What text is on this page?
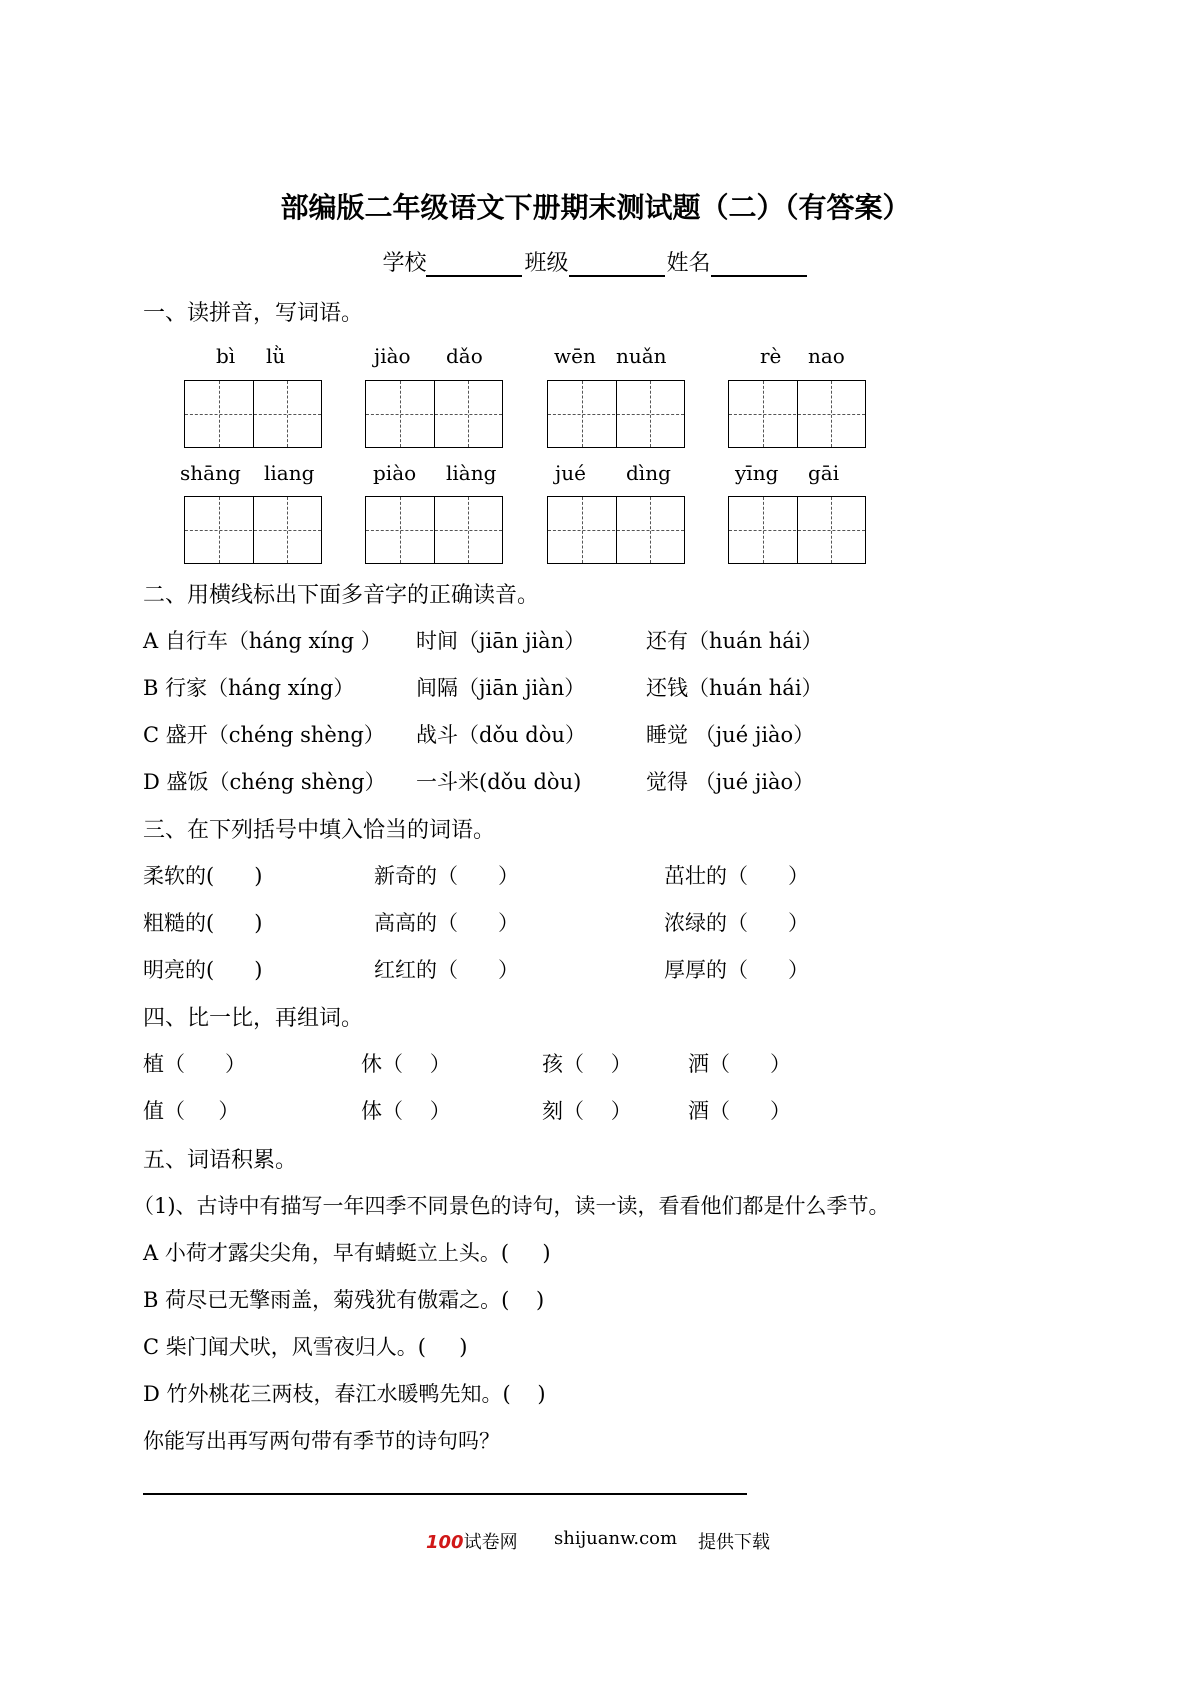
部编版二年级语文下册期末测试题（二）（有答案）
学校	班级	姓名
一、读拼音，写词语。
bì lǜ	jiào dǎo	wēn nuǎn	rè nao
shāng liang	piào liàng	jué dìng	yīng gāi
二、用横线标出下面多音字的正确读音。
A 自行车（háng xíng ） 时间（jiān jiàn）	还有（huán hái）
B 行家（háng xíng）	间隔（jiān jiàn）	还钱（huán hái）
C 盛开（chéng shèng） 战斗（dǒu dòu）	睡觉 （jué jiào）
D 盛饭（chéng shèng） 一斗米(dǒu dòu)	觉得 （jué jiào）
三、在下列括号中填入恰当的词语。
柔软的(      )	新奇的（      ）	茁壮的（      ）
粗糙的(      )	高高的（      ）	浓绿的（      ）
明亮的(      )	红红的（      ）	厚厚的（      ）
四、比一比，再组词。
植（      ）	休（    ）	孩（    ）	洒（      ）
值（     ）	体（    ）	刻（    ）	酒（      ）
五、词语积累。
（1)、古诗中有描写一年四季不同景色的诗句，读一读，看看他们都是什么季节。
A 小荷才露尖尖角，早有蜻蜓立上头。(     )
B 荷尽已无擎雨盖，菊残犹有傲霜之。(    )
C 柴门闻犬吠，风雪夜归人。(     )
D 竹外桃花三两枝，春江水暖鸭先知。(    )
你能写出再写两句带有季节的诗句吗？
100试卷网 shijuanw.com 提供下载
